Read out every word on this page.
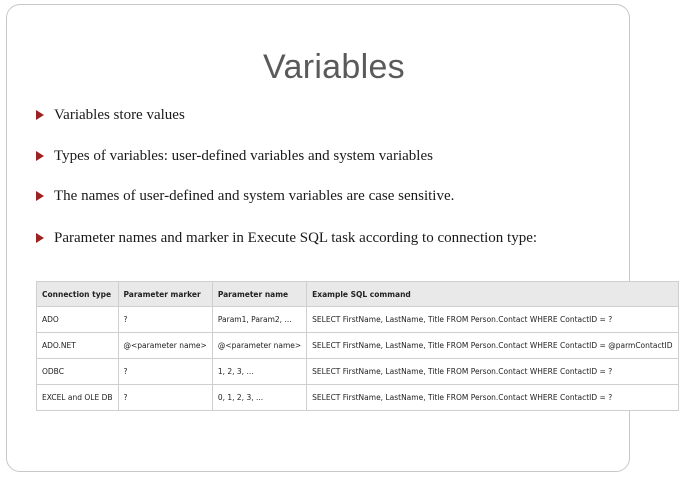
Variables
Variables store values
Types of variables: user-defined variables and system variables
The names of user-defined and system variables are case sensitive.
Parameter names and marker in Execute SQL task according to connection type:
Connection type	Parameter marker	Parameter name	Example SQL command
ADO	?	Param1, Param2, ...	SELECT FirstName, LastName, Title FROM Person.Contact WHERE ContactID = ?
ADO.NET	@<parameter name>	@<parameter name>	SELECT FirstName, LastName, Title FROM Person.Contact WHERE ContactID = @parmContactID
ODBC	?	1, 2, 3, ...	SELECT FirstName, LastName, Title FROM Person.Contact WHERE ContactID = ?
EXCEL and OLE DB	?	0, 1, 2, 3, ...	SELECT FirstName, LastName, Title FROM Person.Contact WHERE ContactID = ?
